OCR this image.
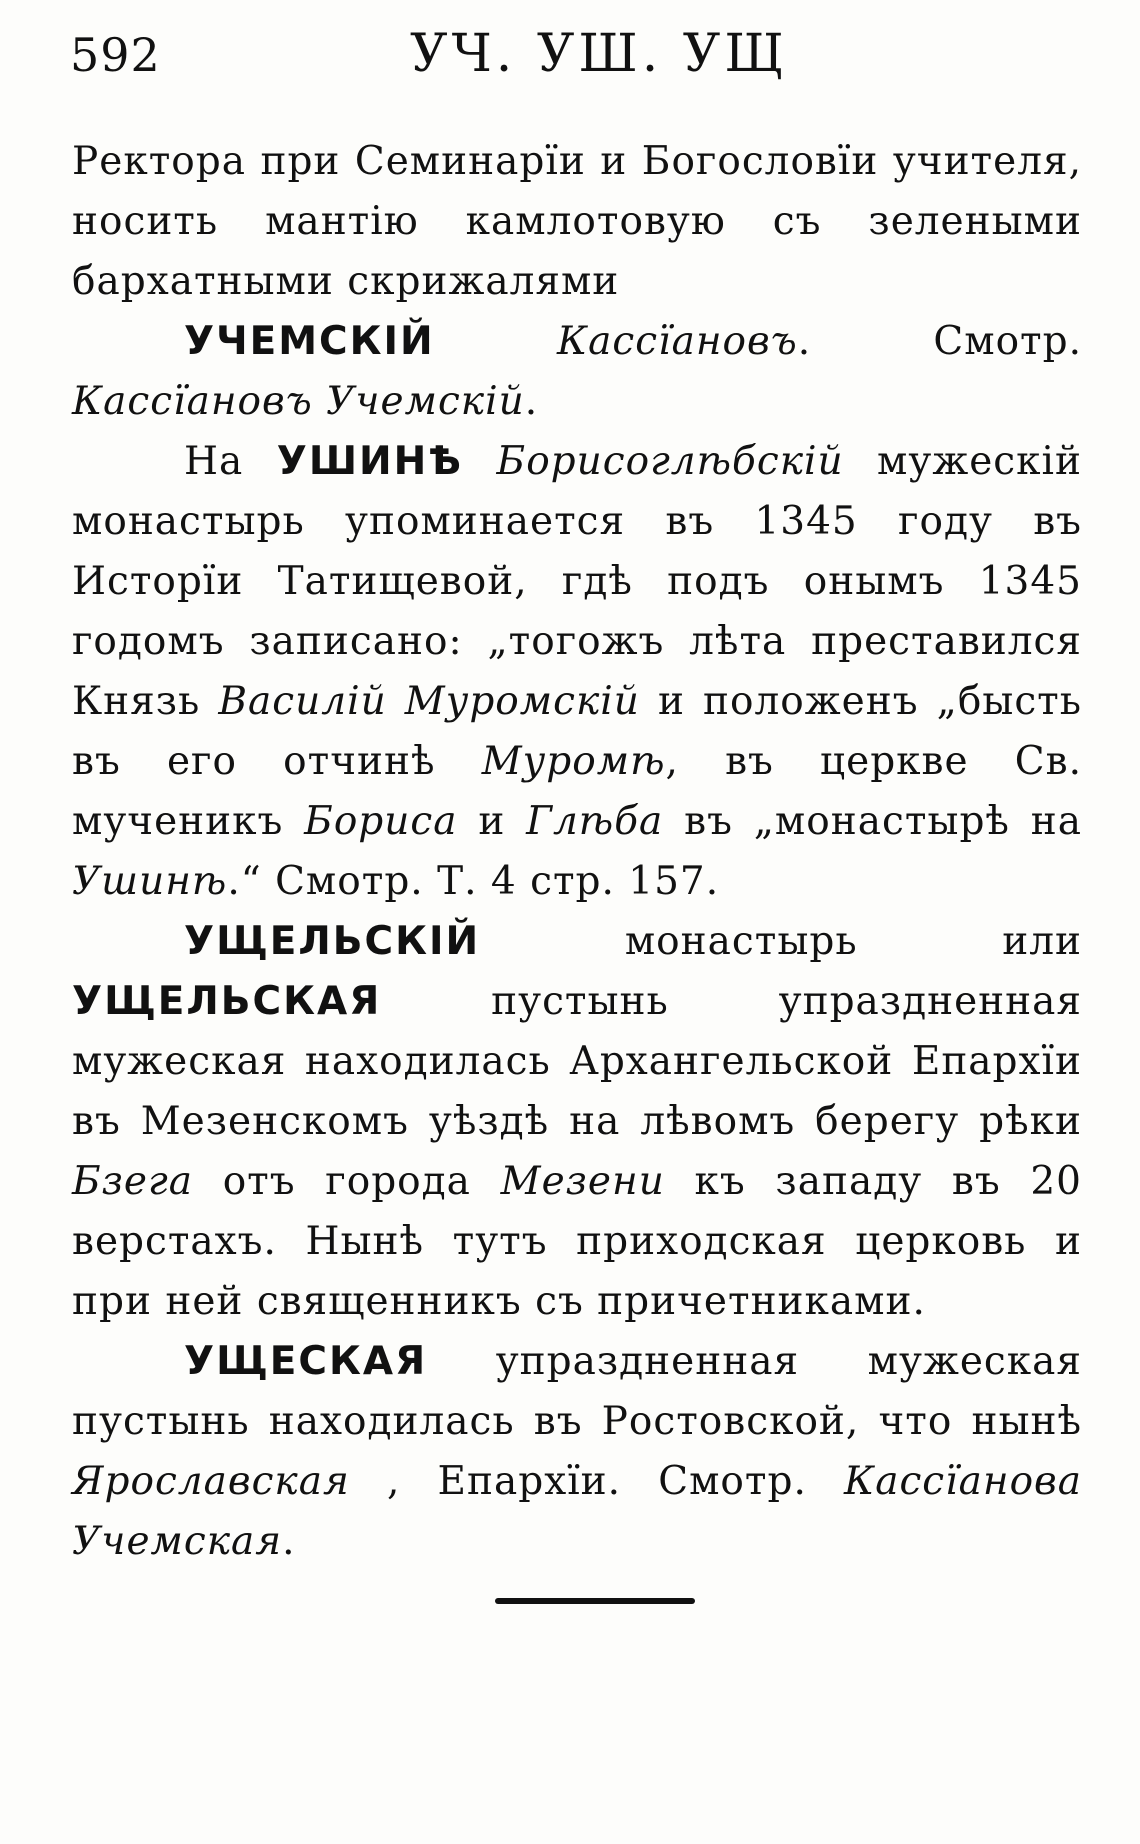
592	УЧ. УШ. УЩ

Ректора при Семинарїи и Богословїи учителя, носить мантію камлотовую съ зелеными бархатными скрижалями

УЧЕМСКІЙ	Кассїановъ. Смотр. Кассїановъ Учемскій.

На УШИНѢ Борисоглѣбскій мужескій монастырь упоминается въ 1345 году въ Исторїи Татищевой, гдѣ подъ онымъ 1345 годомъ записано: „тогожъ лѣта преставился Князь Василій Муромскій и положенъ „бысть въ его отчинѣ Муромѣ, въ церкве Св. мученикъ Бориса и Глѣба въ „монастырѣ на Ушинѣ.“ Смотр. Т. 4 стр. 157.

УЩЕЛЬСКІЙ монастырь или УЩЕЛЬСКАЯ пустынь упраздненная мужеская находилась Архангельской Епархїи въ Мезенскомъ уѣздѣ на лѣвомъ берегу рѣки Бзега отъ города Мезени къ западу въ 20 верстахъ. Нынѣ тутъ приходская церковь и при ней священникъ съ причетниками.

УЩЕСКАЯ упраздненная мужеская пустынь находилась въ Ростовской, что нынѣ Ярославская , Епархїи. Смотр. Кассїанова Учемская.
